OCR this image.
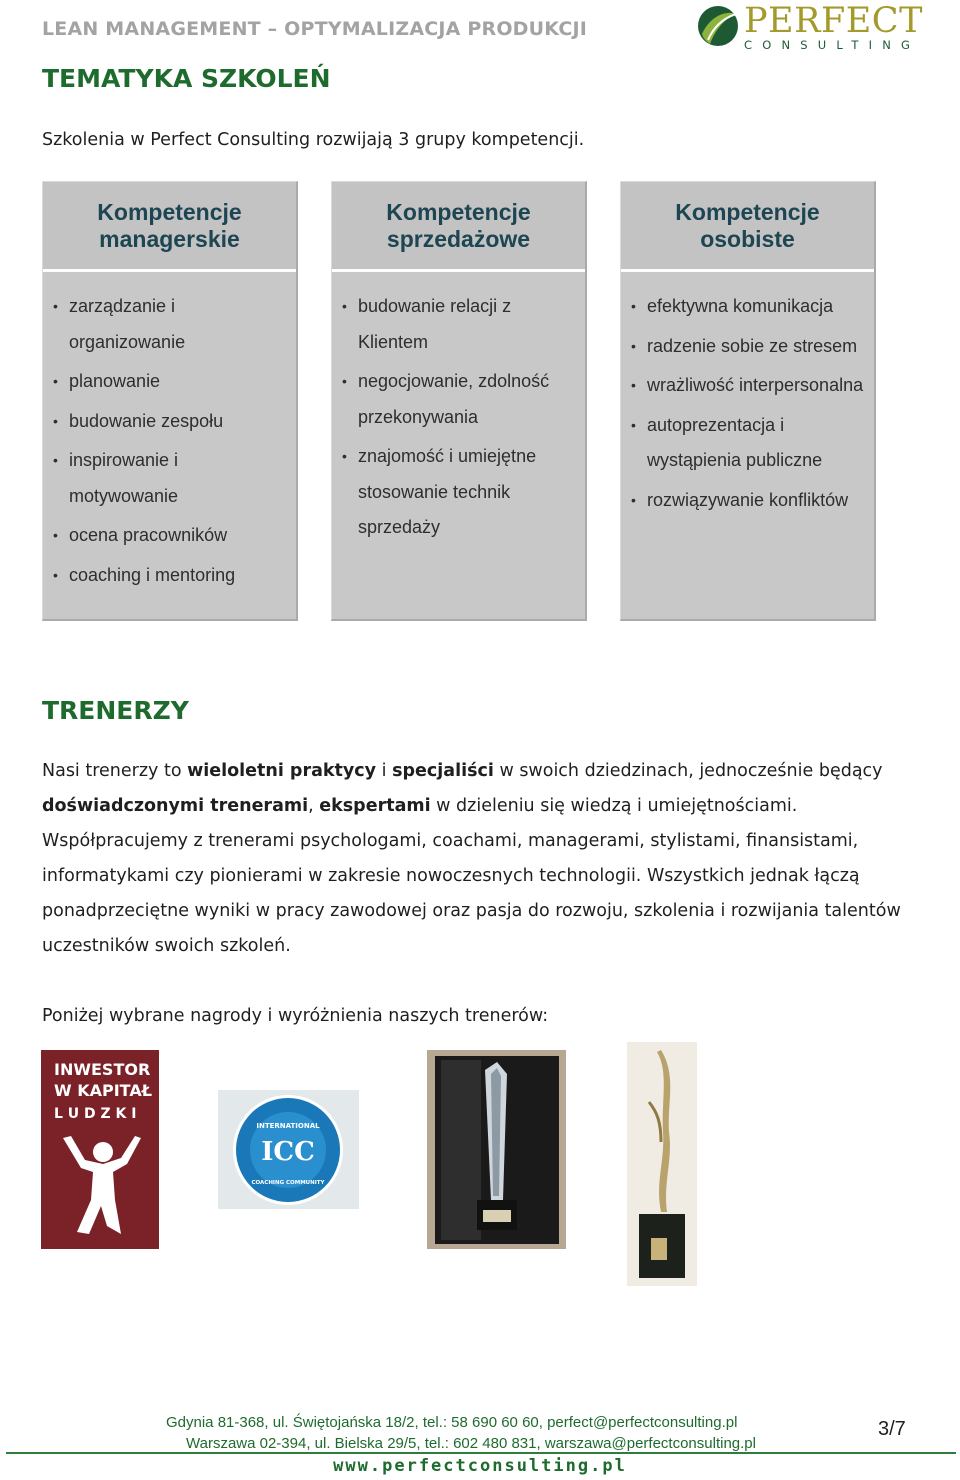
LEAN MANAGEMENT – OPTYMALIZACJA PRODUKCJI	PERFECT
CONSULTING
TEMATYKA SZKOLEŃ
Szkolenia w Perfect Consulting rozwijają 3 grupy kompetencji.
Kompetencje
managerskie
• zarządzanie i organizowanie
• planowanie
• budowanie zespołu
• inspirowanie i motywowanie
• ocena pracowników
• coaching i mentoring
Kompetencje
sprzedażowe
• budowanie relacji z Klientem
• negocjowanie, zdolność przekonywania
• znajomość i umiejętne stosowanie technik sprzedaży
Kompetencje
osobiste
• efektywna komunikacja
• radzenie sobie ze stresem
• wrażliwość interpersonalna
• autoprezentacja i wystąpienia publiczne
• rozwiązywanie konfliktów
TRENERZY
Nasi trenerzy to wieloletni praktycy i specjaliści w swoich dziedzinach, jednocześnie będący
doświadczonymi trenerami, ekspertami w dzieleniu się wiedzą i umiejętnościami.
Współpracujemy z trenerami psychologami, coachami, managerami, stylistami, finansistami,
informatykami czy pionierami w zakresie nowoczesnych technologii. Wszystkich jednak łączą
ponadprzeciętne wyniki w pracy zawodowej oraz pasja do rozwoju, szkolenia i rozwijania talentów
uczestników swoich szkoleń.
Poniżej wybrane nagrody i wyróżnienia naszych trenerów:
INWESTOR
W KAPITAŁ
L U D Z K I
INTERNATIONAL
ICC
COACHING COMMUNITY
Gdynia 81-368, ul. Świętojańska 18/2, tel.: 58 690 60 60, perfect@perfectconsulting.pl
Warszawa 02-394, ul. Bielska 29/5, tel.: 602 480 831, warszawa@perfectconsulting.pl
www.perfectconsulting.pl
3/7
